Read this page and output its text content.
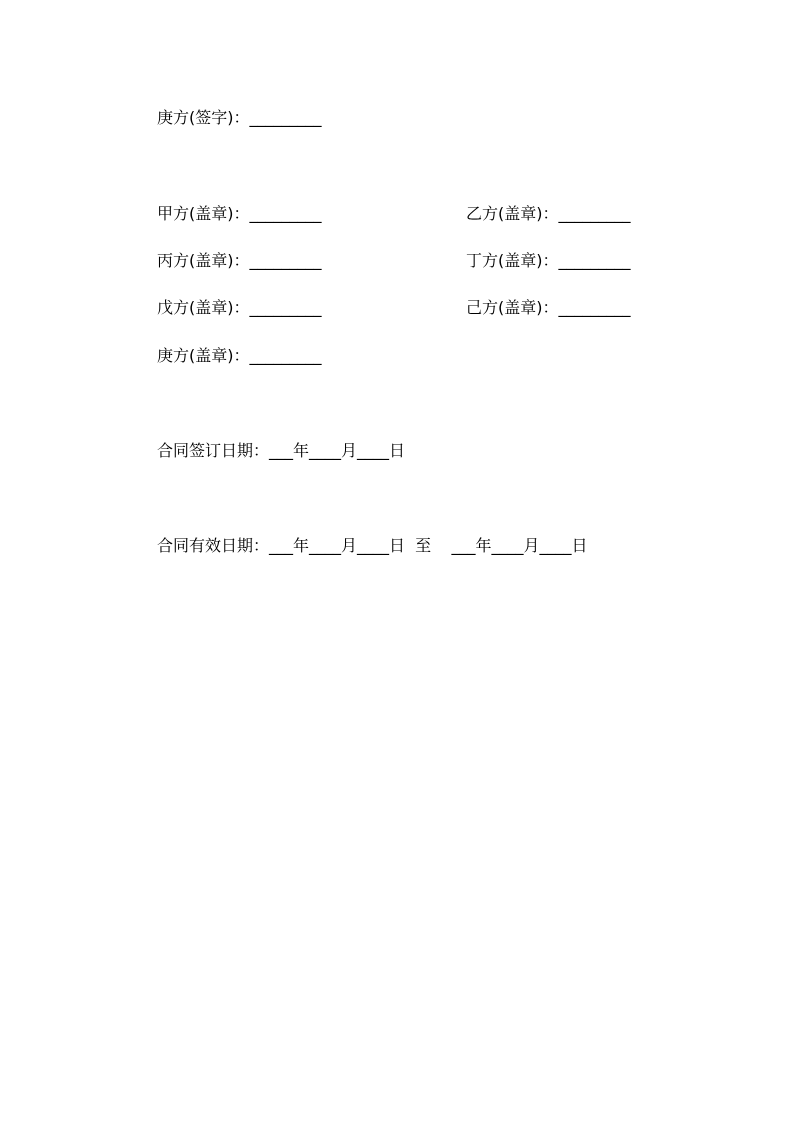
庚方(签字)：_________
甲方(盖章)：_________	乙方(盖章)：_________
丙方(盖章)：_________	丁方(盖章)：_________
戊方(盖章)：_________	己方(盖章)：_________
庚方(盖章)：_________
合同签订日期：___年____月____日
合同有效日期：___年____月____日  至    ___年____月____日
